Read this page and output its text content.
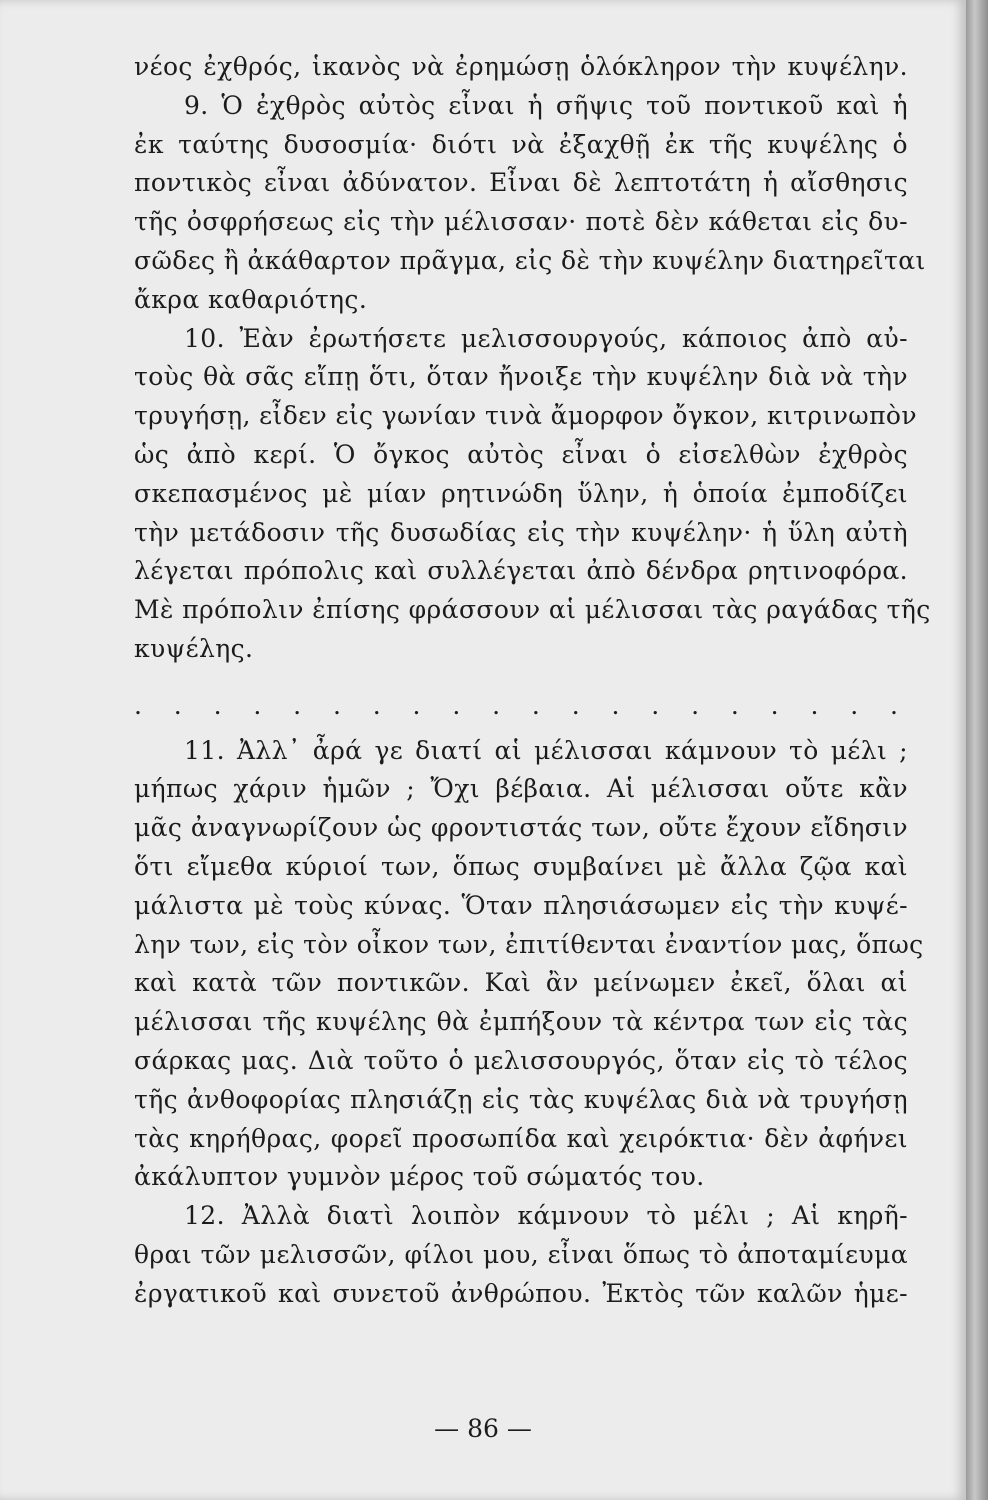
νέος ἐχθρός, ἱκανὸς νὰ ἐρημώσῃ ὁλόκληρον τὴν κυψέλην.
9. Ὁ ἐχθρὸς αὐτὸς εἶναι ἡ σῆψις τοῦ ποντικοῦ καὶ ἡ
ἐκ ταύτης δυσοσμία· διότι νὰ ἐξαχθῇ ἐκ τῆς κυψέλης ὁ
ποντικὸς εἶναι ἀδύνατον. Εἶναι δὲ λεπτοτάτη ἡ αἴσθησις
τῆς ὀσφρήσεως εἰς τὴν μέλισσαν· ποτὲ δὲν κάθεται εἰς δυ-
σῶδες ἢ ἀκάθαρτον πρᾶγμα, εἰς δὲ τὴν κυψέλην διατηρεῖται
ἄκρα καθαριότης.
10. Ἐὰν ἐρωτήσετε μελισσουργούς, κάποιος ἀπὸ αὐ-
τοὺς θὰ σᾶς εἴπῃ ὅτι, ὅταν ἤνοιξε τὴν κυψέλην διὰ νὰ τὴν
τρυγήσῃ, εἶδεν εἰς γωνίαν τινὰ ἄμορφον ὄγκον, κιτρινωπὸν
ὡς ἀπὸ κερί. Ὁ ὄγκος αὐτὸς εἶναι ὁ εἰσελθὼν ἐχθρὸς
σκεπασμένος μὲ μίαν ρητινώδη ὕλην, ἡ ὁποία ἐμποδίζει
τὴν μετάδοσιν τῆς δυσωδίας εἰς τὴν κυψέλην· ἡ ὕλη αὐτὴ
λέγεται πρόπολις καὶ συλλέγεται ἀπὸ δένδρα ρητινοφόρα.
Μὲ πρόπολιν ἐπίσης φράσσουν αἱ μέλισσαι τὰς ραγάδας τῆς
κυψέλης.
. . . . . . . . . . . . . . . . . . . .
11. Ἀλλ᾽ ἆρά γε διατί αἱ μέλισσαι κάμνουν τὸ μέλι ;
μήπως χάριν ἡμῶν ; Ὄχι βέβαια. Αἱ μέλισσαι οὔτε κἂν
μᾶς ἀναγνωρίζουν ὡς φροντιστάς των, οὔτε ἔχουν εἴδησιν
ὅτι εἴμεθα κύριοί των, ὅπως συμβαίνει μὲ ἄλλα ζῷα καὶ
μάλιστα μὲ τοὺς κύνας. Ὅταν πλησιάσωμεν εἰς τὴν κυψέ-
λην των, εἰς τὸν οἶκον των, ἐπιτίθενται ἐναντίον μας, ὅπως
καὶ κατὰ τῶν ποντικῶν. Καὶ ἂν μείνωμεν ἐκεῖ, ὅλαι αἱ
μέλισσαι τῆς κυψέλης θὰ ἐμπήξουν τὰ κέντρα των εἰς τὰς
σάρκας μας. Διὰ τοῦτο ὁ μελισσουργός, ὅταν εἰς τὸ τέλος
τῆς ἀνθοφορίας πλησιάζῃ εἰς τὰς κυψέλας διὰ νὰ τρυγήσῃ
τὰς κηρήθρας, φορεῖ προσωπίδα καὶ χειρόκτια· δὲν ἀφήνει
ἀκάλυπτον γυμνὸν μέρος τοῦ σώματός του.
12. Ἀλλὰ διατὶ λοιπὸν κάμνουν τὸ μέλι ; Αἱ κηρῆ-
θραι τῶν μελισσῶν, φίλοι μου, εἶναι ὅπως τὸ ἀποταμίευμα
ἐργατικοῦ καὶ συνετοῦ ἀνθρώπου. Ἐκτὸς τῶν καλῶν ἡμε-
— 86 —
